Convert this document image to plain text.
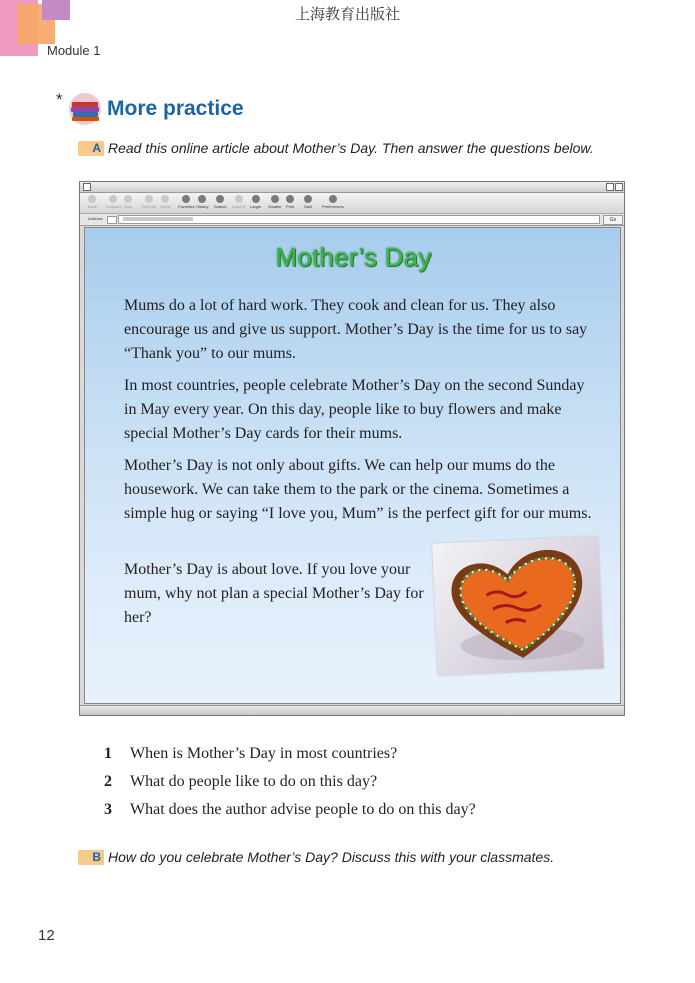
上海教育出版社
Module 1
* More practice
A Read this online article about Mother’s Day. Then answer the questions below.
Back Forward Stop Refresh Home Favorites History Search AutoFill Larger Smaller Print	Mail	Preferences
Address	Go
Mother’s Day

Mums do a lot of hard work. They cook and clean for us. They also encourage us and give us support. Mother’s Day is the time for us to say “Thank you” to our mums.

In most countries, people celebrate Mother’s Day on the second Sunday in May every year. On this day, people like to buy flowers and make special Mother’s Day cards for their mums.

Mother’s Day is not only about gifts. We can help our mums do the housework. We can take them to the park or the cinema. Sometimes a simple hug or saying “I love you, Mum” is the perfect gift for our mums.

Mother’s Day is about love. If you love your mum, why not plan a special Mother’s Day for her?

1 When is Mother’s Day in most countries?
2 What do people like to do on this day?
3 What does the author advise people to do on this day?
B How do you celebrate Mother’s Day? Discuss this with your classmates.
12
